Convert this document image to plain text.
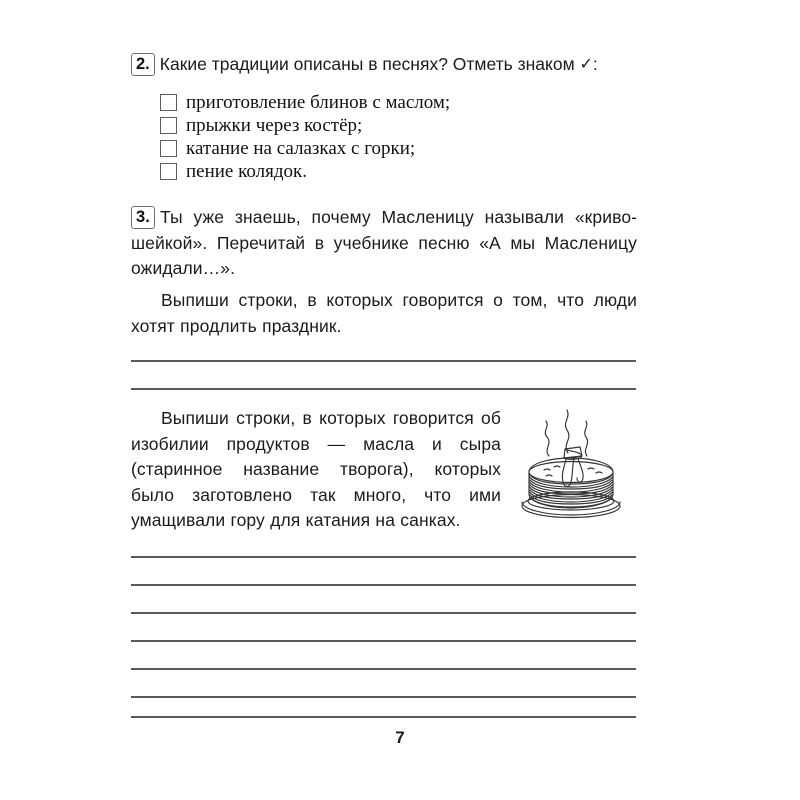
2. Какие традиции описаны в песнях? Отметь знаком ✓:
приготовление блинов с маслом;
прыжки через костёр;
катание на салазках с горки;
пение колядок.
3. Ты уже знаешь, почему Масленицу называли «кривошейкой». Перечитай в учебнике песню «А мы Масленицу ожидали…».
Выпиши строки, в которых говорится о том, что люди хотят продлить праздник.
Выпиши строки, в которых говорится об изобилии продуктов — масла и сыра (старинное название творога), которых было заготовлено так много, что ими умащивали гору для катания на санках.
7
